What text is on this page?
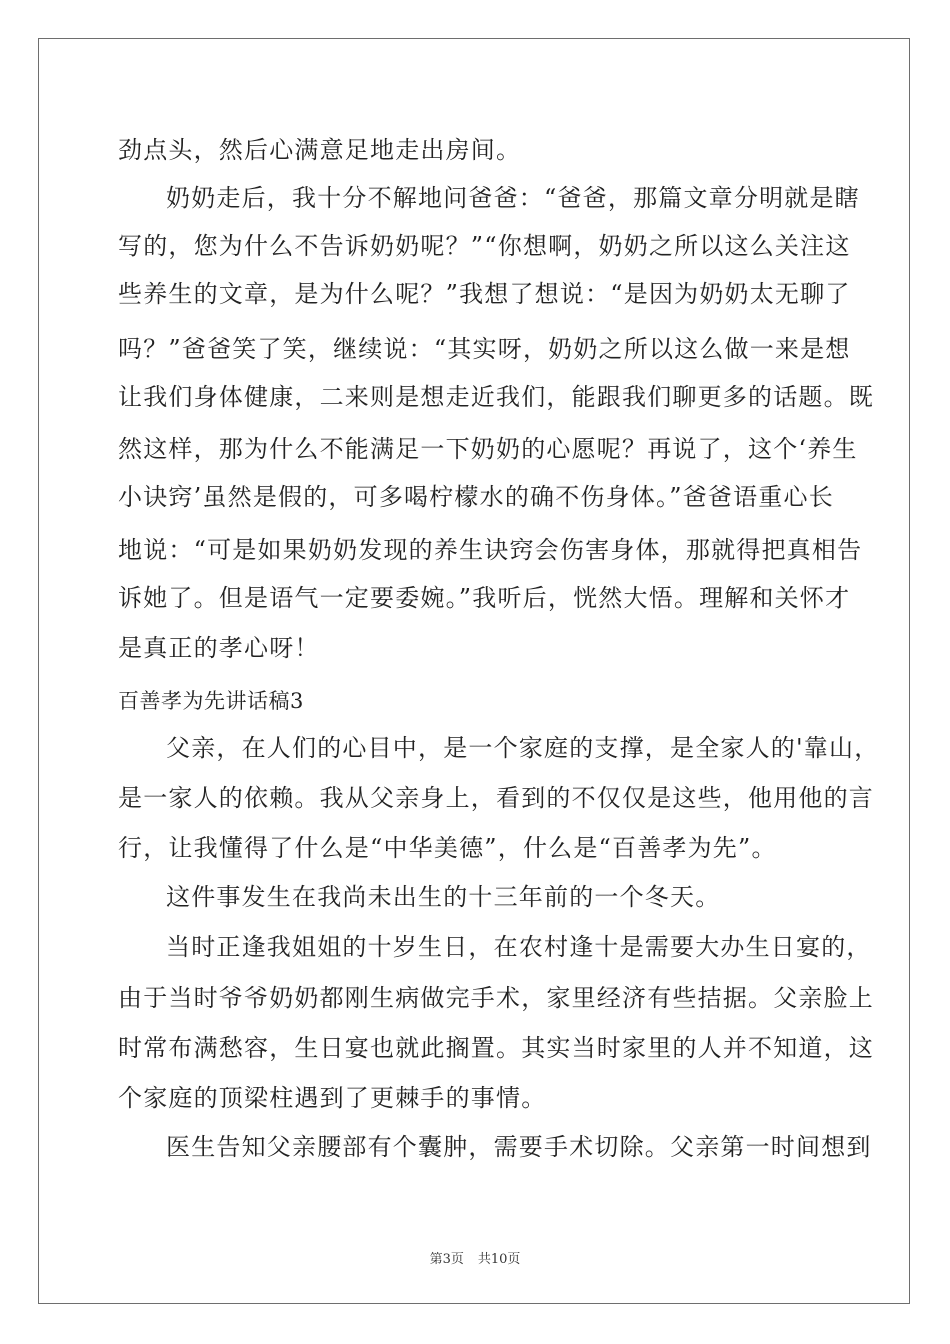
劲点头，然后心满意足地走出房间。

奶奶走后，我十分不解地问爸爸：“爸爸，那篇文章分明就是瞎

写的，您为什么不告诉奶奶呢？”“你想啊，奶奶之所以这么关注这

些养生的文章，是为什么呢？”我想了想说：“是因为奶奶太无聊了

吗？”爸爸笑了笑，继续说：“其实呀，奶奶之所以这么做一来是想

让我们身体健康，二来则是想走近我们，能跟我们聊更多的话题。既

然这样，那为什么不能满足一下奶奶的心愿呢？再说了，这个‘养生

小诀窍’虽然是假的，可多喝柠檬水的确不伤身体。”爸爸语重心长

地说：“可是如果奶奶发现的养生诀窍会伤害身体，那就得把真相告

诉她了。但是语气一定要委婉。”我听后，恍然大悟。理解和关怀才

是真正的孝心呀！

百善孝为先讲话稿3

父亲，在人们的心目中，是一个家庭的支撑，是全家人的'靠山，

是一家人的依赖。我从父亲身上，看到的不仅仅是这些，他用他的言

行，让我懂得了什么是“中华美德”，什么是“百善孝为先”。

这件事发生在我尚未出生的十三年前的一个冬天。

当时正逢我姐姐的十岁生日，在农村逢十是需要大办生日宴的，

由于当时爷爷奶奶都刚生病做完手术，家里经济有些拮据。父亲脸上

时常布满愁容，生日宴也就此搁置。其实当时家里的人并不知道，这

个家庭的顶梁柱遇到了更棘手的事情。

医生告知父亲腰部有个囊肿，需要手术切除。父亲第一时间想到

第3页 共10页
